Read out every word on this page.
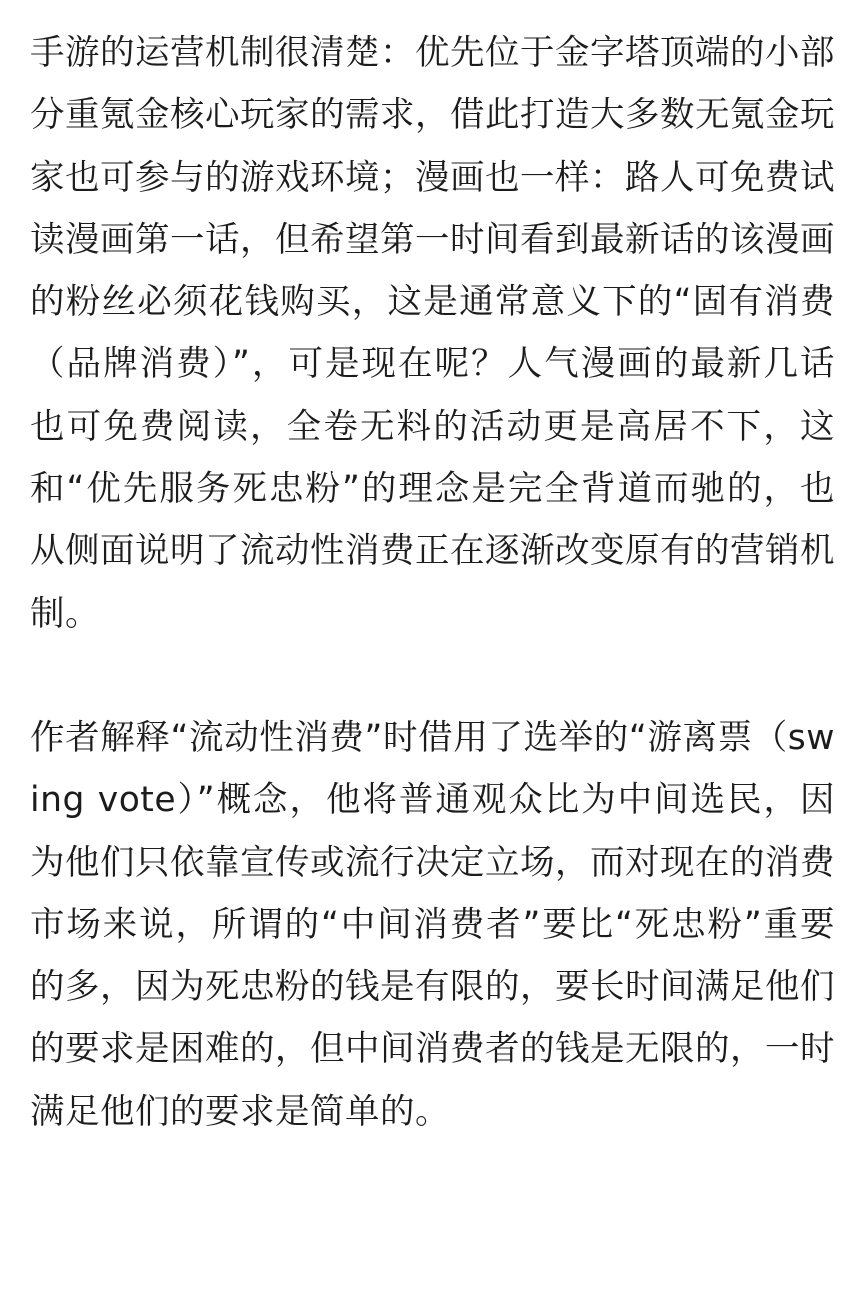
手游的运营机制很清楚：优先位于金字塔顶端的小部分重氪金核心玩家的需求，借此打造大多数无氪金玩家也可参与的游戏环境；漫画也一样：路人可免费试读漫画第一话，但希望第一时间看到最新话的该漫画的粉丝必须花钱购买，这是通常意义下的“固有消费（品牌消费）”，可是现在呢？人气漫画的最新几话也可免费阅读，全卷无料的活动更是高居不下，这和“优先服务死忠粉”的理念是完全背道而驰的，也从侧面说明了流动性消费正在逐渐改变原有的营销机制。

作者解释“流动性消费”时借用了选举的“游离票（swing vote）”概念，他将普通观众比为中间选民，因为他们只依靠宣传或流行决定立场，而对现在的消费市场来说，所谓的“中间消费者”要比“死忠粉”重要的多，因为死忠粉的钱是有限的，要长时间满足他们的要求是困难的，但中间消费者的钱是无限的，一时满足他们的要求是简单的。
